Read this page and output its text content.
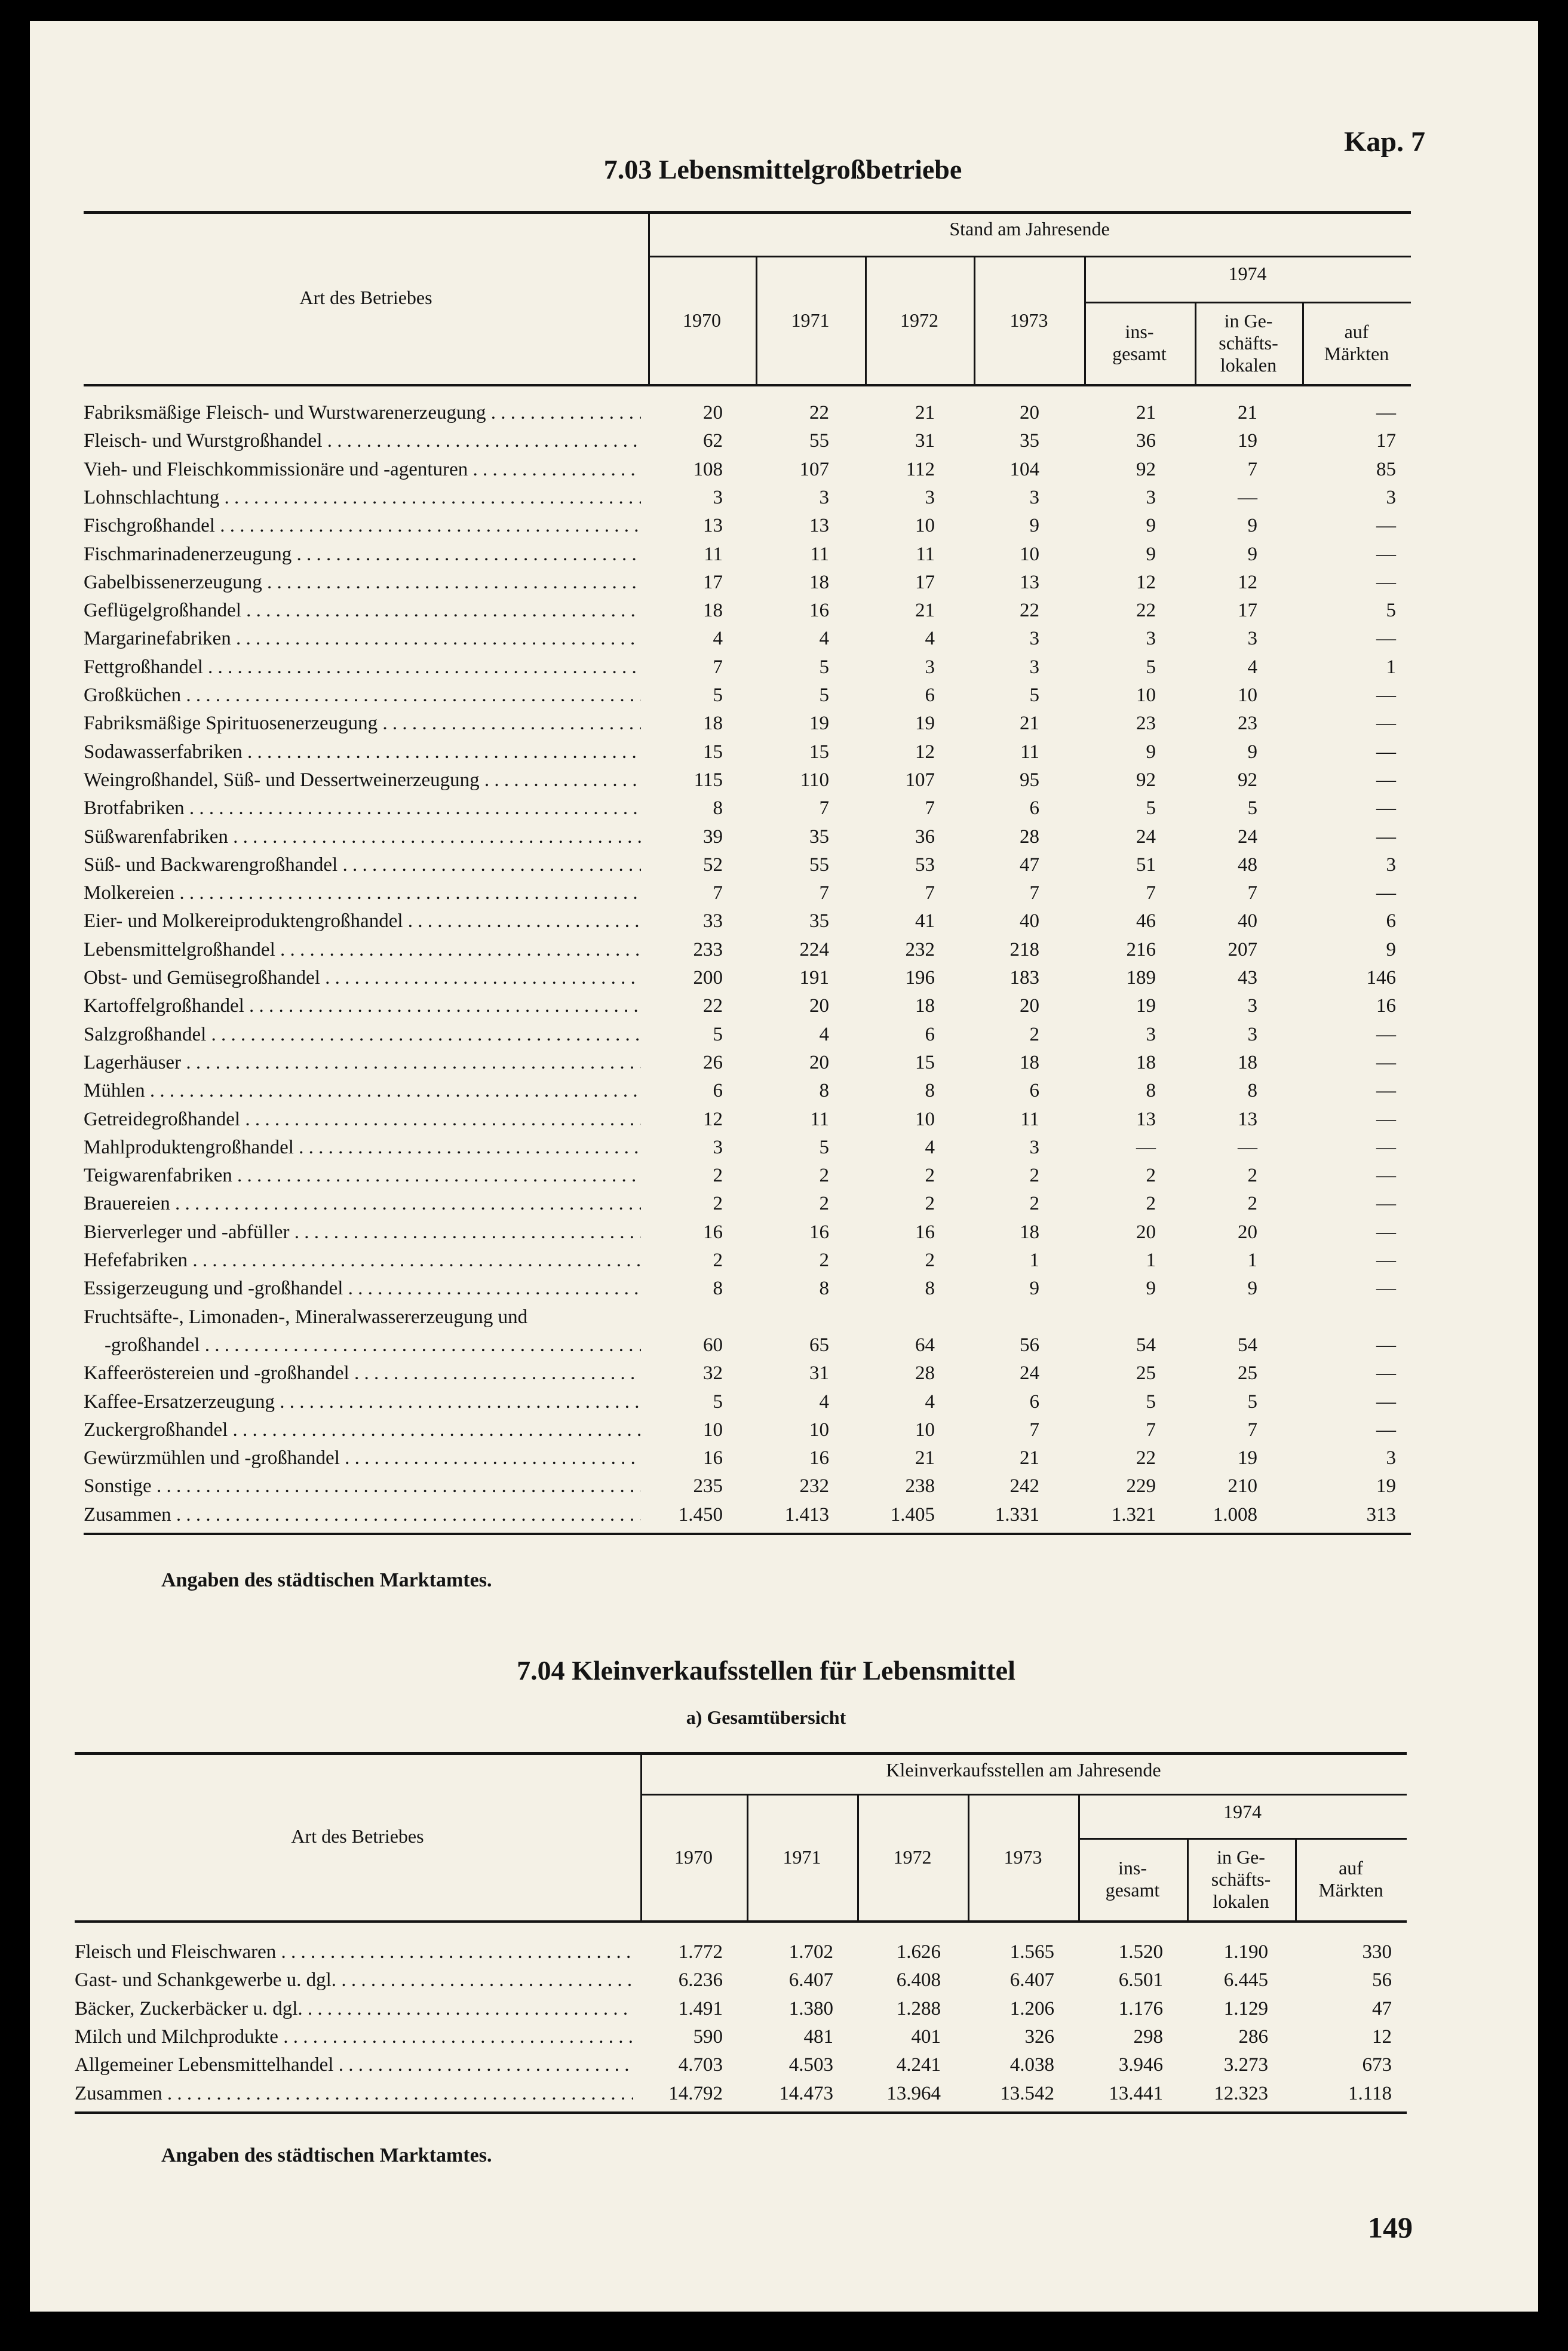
Kap. 7
7.03 Lebensmittelgroßbetriebe
Stand am Jahresende
Art des Betriebes
1970	1971	1972	1973
1974
ins-
gesamt
in Ge-
schäfts-
lokalen
auf
Märkten
Fabriksmäßige Fleisch- und Wurstwarenerzeugung . . .	20	22	21	20	21	21	—
Fleisch- und Wurstgroßhandel . . .	62	55	31	35	36	19	17
Vieh- und Fleischkommissionäre und -agenturen . . .	108	107	112	104	92	7	85
Lohnschlachtung . . .	3	3	3	3	3	—	3
Fischgroßhandel . . .	13	13	10	9	9	9	—
Fischmarinadenerzeugung . . .	11	11	11	10	9	9	—
Gabelbissenerzeugung . . .	17	18	17	13	12	12	—
Geflügelgroßhandel . . .	18	16	21	22	22	17	5
Margarinefabriken . . .	4	4	4	3	3	3	—
Fettgroßhandel . . .	7	5	3	3	5	4	1
Großküchen . . .	5	5	6	5	10	10	—
Fabriksmäßige Spirituosenerzeugung . . .	18	19	19	21	23	23	—
Sodawasserfabriken . . .	15	15	12	11	9	9	—
Weingroßhandel, Süß- und Dessertweinerzeugung . . .	115	110	107	95	92	92	—
Brotfabriken . . .	8	7	7	6	5	5	—
Süßwarenfabriken . . .	39	35	36	28	24	24	—
Süß- und Backwarengroßhandel . . .	52	55	53	47	51	48	3
Molkereien . . .	7	7	7	7	7	7	—
Eier- und Molkereiproduktengroßhandel . . .	33	35	41	40	46	40	6
Lebensmittelgroßhandel . . .	233	224	232	218	216	207	9
Obst- und Gemüsegroßhandel . . .	200	191	196	183	189	43	146
Kartoffelgroßhandel . . .	22	20	18	20	19	3	16
Salzgroßhandel . . .	5	4	6	2	3	3	—
Lagerhäuser . . .	26	20	15	18	18	18	—
Mühlen . . .	6	8	8	6	8	8	—
Getreidegroßhandel . . .	12	11	10	11	13	13	—
Mahlproduktengroßhandel . . .	3	5	4	3	—	—	—
Teigwarenfabriken . . .	2	2	2	2	2	2	—
Brauereien . . .	2	2	2	2	2	2	—
Bierverleger und -abfüller . . .	16	16	16	18	20	20	—
Hefefabriken . . .	2	2	2	1	1	1	—
Essigerzeugung und -großhandel . . .	8	8	8	9	9	9	—
Fruchtsäfte-, Limonaden-, Mineralwassererzeugung und
-großhandel . . .	60	65	64	56	54	54	—
Kaffeeröstereien und -großhandel . . .	32	31	28	24	25	25	—
Kaffee-Ersatzerzeugung . . .	5	4	4	6	5	5	—
Zuckergroßhandel . . .	10	10	10	7	7	7	—
Gewürzmühlen und -großhandel . . .	16	16	21	21	22	19	3
Sonstige . . .	235	232	238	242	229	210	19
Zusammen . . .	1.450	1.413	1.405	1.331	1.321	1.008	313
Angaben des städtischen Marktamtes.
7.04 Kleinverkaufsstellen für Lebensmittel
a) Gesamtübersicht
Kleinverkaufsstellen am Jahresende
Art des Betriebes
1970	1971	1972	1973
1974
ins-
gesamt
in Ge-
schäfts-
lokalen
auf
Märkten
Fleisch und Fleischwaren . . .	1.772	1.702	1.626	1.565	1.520	1.190	330
Gast- und Schankgewerbe u. dgl. . . .	6.236	6.407	6.408	6.407	6.501	6.445	56
Bäcker, Zuckerbäcker u. dgl. . . .	1.491	1.380	1.288	1.206	1.176	1.129	47
Milch und Milchprodukte . . .	590	481	401	326	298	286	12
Allgemeiner Lebensmittelhandel . . .	4.703	4.503	4.241	4.038	3.946	3.273	673
Zusammen . . .	14.792	14.473	13.964	13.542	13.441	12.323	1.118
Angaben des städtischen Marktamtes.
149
